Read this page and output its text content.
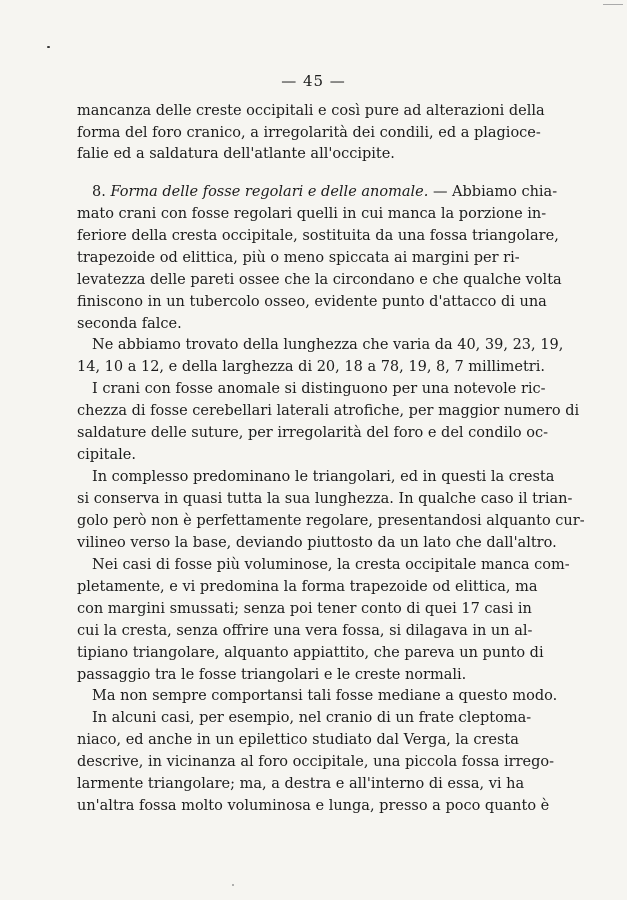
— 45 —
mancanza delle creste occipitali e così pure ad alterazioni della
forma del foro cranico, a irregolarità dei condili, ed a plagioce-
falie ed a saldatura dell'atlante all'occipite.
8. Forma delle fosse regolari e delle anomale. — Abbiamo chia-
mato crani con fosse regolari quelli in cui manca la porzione in-
feriore della cresta occipitale, sostituita da una fossa triangolare,
trapezoide od elittica, più o meno spiccata ai margini per ri-
levatezza delle pareti ossee che la circondano e che qualche volta
finiscono in un tubercolo osseo, evidente punto d'attacco di una
seconda falce.
Ne abbiamo trovato della lunghezza che varia da 40, 39, 23, 19,
14, 10 a 12, e della larghezza di 20, 18 a 78, 19, 8, 7 millimetri.
I crani con fosse anomale si distinguono per una notevole ric-
chezza di fosse cerebellari laterali atrofiche, per maggior numero di
saldature delle suture, per irregolarità del foro e del condilo oc-
cipitale.
In complesso predominano le triangolari, ed in questi la cresta
si conserva in quasi tutta la sua lunghezza. In qualche caso il trian-
golo però non è perfettamente regolare, presentandosi alquanto cur-
vilineo verso la base, deviando piuttosto da un lato che dall'altro.
Nei casi di fosse più voluminose, la cresta occipitale manca com-
pletamente, e vi predomina la forma trapezoide od elittica, ma
con margini smussati; senza poi tener conto di quei 17 casi in
cui la cresta, senza offrire una vera fossa, si dilagava in un al-
tipiano triangolare, alquanto appiattito, che pareva un punto di
passaggio tra le fosse triangolari e le creste normali.
Ma non sempre comportansi tali fosse mediane a questo modo.
In alcuni casi, per esempio, nel cranio di un frate cleptoma-
niaco, ed anche in un epilettico studiato dal Verga, la cresta
descrive, in vicinanza al foro occipitale, una piccola fossa irrego-
larmente triangolare; ma, a destra e all'interno di essa, vi ha
un'altra fossa molto voluminosa e lunga, presso a poco quanto è
